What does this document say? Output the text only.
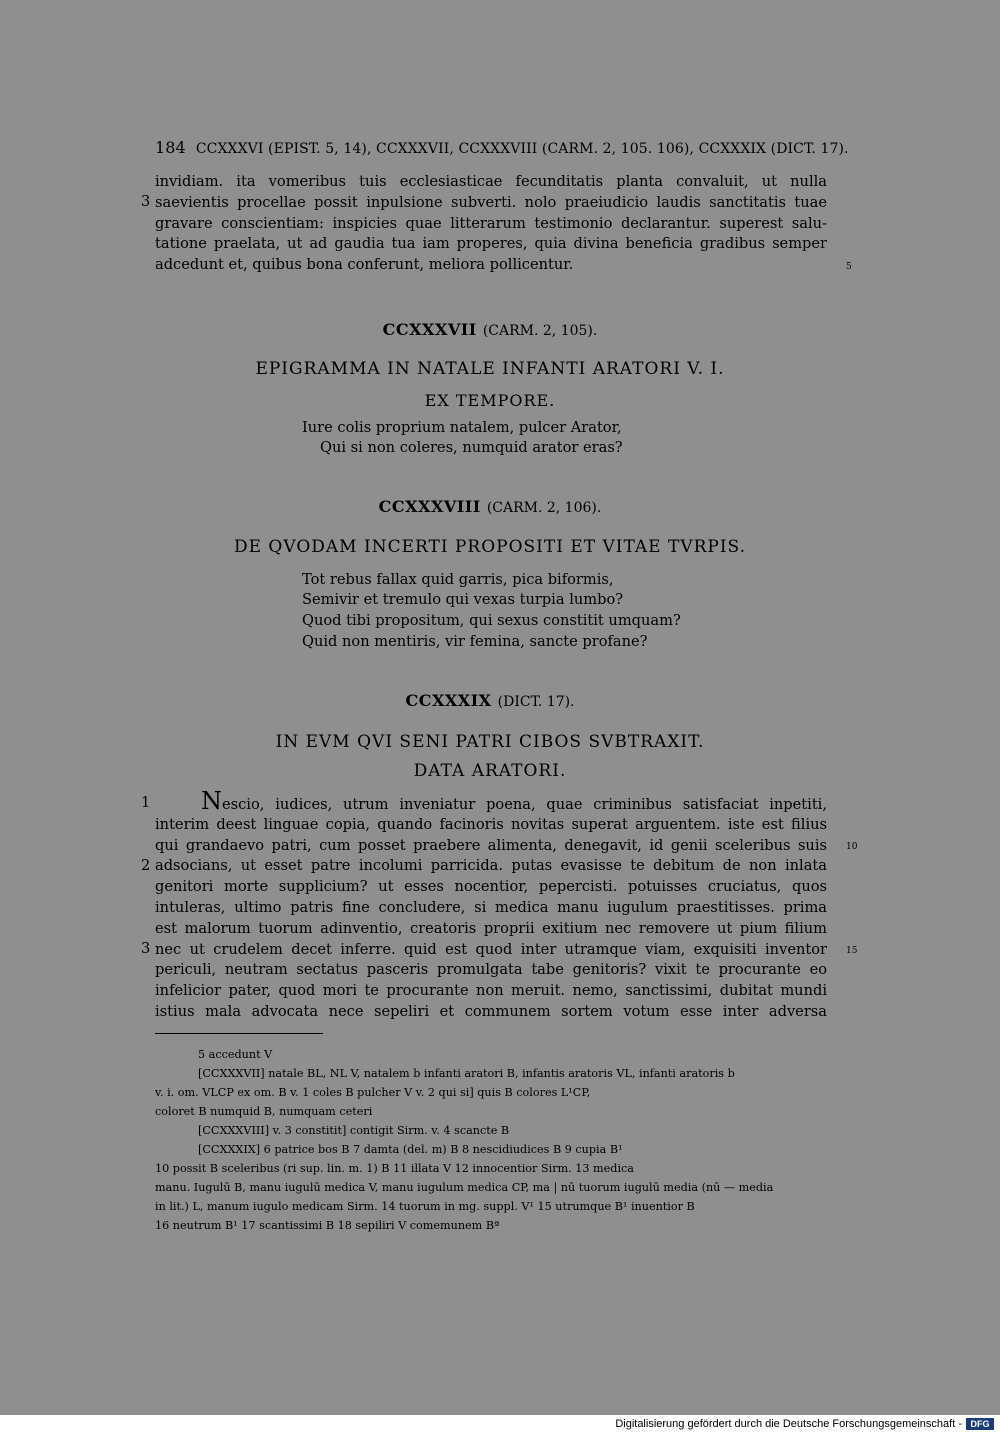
184 CCXXXVI (EPIST. 5, 14), CCXXXVII, CCXXXVIII (CARM. 2, 105. 106), CCXXXIX (DICT. 17).
invidiam. ita vomeribus tuis ecclesiasticae fecunditatis planta convaluit, ut nulla
saevientis procellae possit inpulsione subverti. nolo praeiudicio laudis sanctitatis tuae
gravare conscientiam: inspicies quae litterarum testimonio declarantur. superest salu-
tatione praelata, ut ad gaudia tua iam properes, quia divina beneficia gradibus semper
adcedunt et, quibus bona conferunt, meliora pollicentur.
3
5
CCXXXVII (CARM. 2, 105).
EPIGRAMMA IN NATALE INFANTI ARATORI V. I.
EX TEMPORE.
Iure colis proprium natalem, pulcer Arator,
Qui si non coleres, numquid arator eras?
CCXXXVIII (CARM. 2, 106).
DE QVODAM INCERTI PROPOSITI ET VITAE TVRPIS.
Tot rebus fallax quid garris, pica biformis,
Semivir et tremulo qui vexas turpia lumbo?
Quod tibi propositum, qui sexus constitit umquam?
Quid non mentiris, vir femina, sancte profane?
CCXXXIX (DICT. 17).
IN EVM QVI SENI PATRI CIBOS SVBTRAXIT.
DATA ARATORI.
Nescio, iudices, utrum inveniatur poena, quae criminibus satisfaciat inpetiti,
interim deest linguae copia, quando facinoris novitas superat arguentem. iste est filius
qui grandaevo patri, cum posset praebere alimenta, denegavit, id genii sceleribus suis
adsocians, ut esset patre incolumi parricida. putas evasisse te debitum de non inlata
genitori morte supplicium? ut esses nocentior, pepercisti. potuisses cruciatus, quos
intuleras, ultimo patris fine concludere, si medica manu iugulum praestitisses. prima
est malorum tuorum adinventio, creatoris proprii exitium nec removere ut pium filium
nec ut crudelem decet inferre. quid est quod inter utramque viam, exquisiti inventor
periculi, neutram sectatus pasceris promulgata tabe genitoris? vixit te procurante eo
infelicior pater, quod mori te procurante non meruit. nemo, sanctissimi, dubitat mundi
istius mala advocata nece sepeliri et communem sortem votum esse inter adversa
1
2
3
10
15
5 accedunt V
[CCXXXVII] natale BL, NL V, natalem b infanti aratori B, infantis aratoris VL, infanti aratoris b
v. i. om. VLCP ex om. B v. 1 coles B pulcher V v. 2 qui si] quis B colores L¹CP,
coloret B numquid B, numquam ceteri
[CCXXXVIII] v. 3 constitit] contigit Sirm. v. 4 scancte B
[CCXXXIX] 6 patrice bos B 7 damta (del. m) B 8 nescidiudices B 9 cupia B¹
10 possit B sceleribus (ri sup. lin. m. 1) B 11 illata V 12 innocentior Sirm. 13 medica
manu. Iugulū B, manu iugulū medica V, manu iugulum medica CP, ma | nū tuorum iugulū media (nū — media
in lit.) L, manum iugulo medicam Sirm. 14 tuorum in mg. suppl. V¹ 15 utrumque B¹ inuentior B
16 neutrum B¹ 17 scantissimi B 18 sepiliri V comemunem Bª
Digitalisierung gefördert durch die Deutsche Forschungsgemeinschaft - DFG
